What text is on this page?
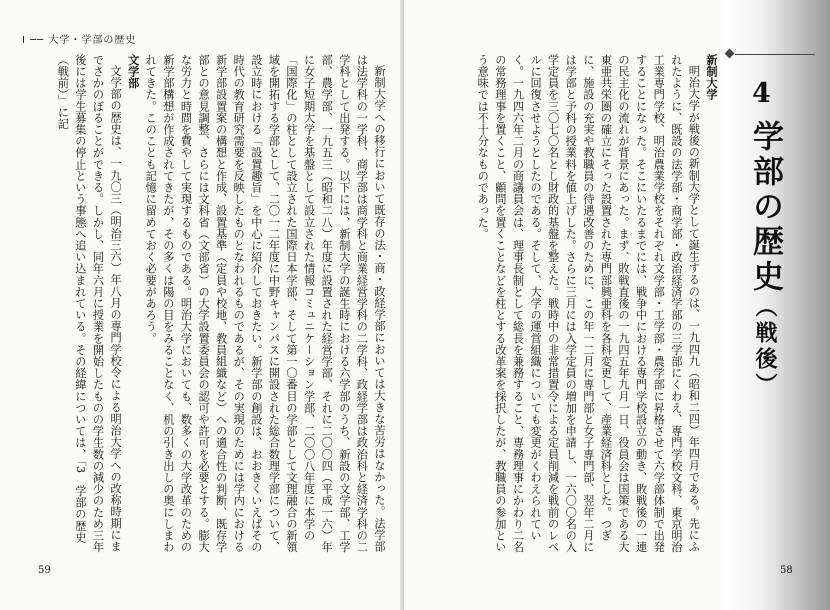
I ── 大学・学部の歴史
新制大学への移行において既存の法・商・政経学部においては大きな苦労はなかった。法学部は法学科の一学科、商学部は商学科と商業経営学科の二学科、政経学部は政治科と経済学科の二学科として出発する。以下には、新制大学の誕生時における六学部のうち、新設の文学部、工学部、農学部、一九五三（昭和二八）年度に設置された経営学部、それに二〇〇四（平成一六）年に女子短期大学を基盤として設立された情報コミュニケーション学部、二〇〇八年度に本学の「国際化」の柱として設立された国際日本学部、そして第一〇番目の学部として文理融合の新領域を開拓する学部として、二〇一二年度に中野キャンパスに開設された総合数理学部について、設立時における「設置趣旨」を中心に紹介しておきたい。新学部の創設は、おおきくいえばその時代の教育研究需要を反映したものとなわれるものであるが、その実現のためには学内における新学部設置案の構想と作成、設置基準（定員や校地、教員組織など）への適合性の判断、既存学部との意見調整、さらには文科省（文部省）の大学設置委員会の認可や許可を必要とする。膨大な労力と時間を費やして実現するものである。明治大学においても、数多くの大学改革のための新学部構想が作成されてきたが、その多くは陽の目をみることなく、机の引き出しの奥にしまわれてきた。このことも記憶に留めておく必要があろう。
文学部
文学部の歴史は、一九〇三（明治三六）年八月の専門学校令による明治大学への改称時期にまでさかのぼることができる。しかし、同年六月に授業を開始したものの学生数の減少のため三年後には学生募集の停止という事態へ追い込まれている。その経緯については、「3　学部の歴史（戦前）」に記
59
4
学部の歴史（戦後）
新制大学
明治大学が戦後の新制大学として誕生するのは、一九四九（昭和二四）年四月である。先にふれたように、既設の法学部・商学部・政治経済学部の三学部にくわえ、専門学校文科、東京明治工業専門学校、明治農業学校をそれぞれ文学部・工学部・農学部に昇格させて六学部体制で出発することになった。そこにいたるまでには、戦争中における専門学校設立の動き、敗戦後の一連の民主化の流れが背景にあった。まず、敗戦直後の一九四五年九月一日、役員会は国策である大東亜共栄圏の確立にそった設置された専門部興亜科を各科変更して、産業経済科とした。つぎに、施設の充実や教職員の待遇改善のために、この年一二月に専門部と女子専門部、翌年二月には学部と予科の授業料を値上げした。さらに三月には入学定員の増加を申請し、一六〇〇名の入学定員を三〇七〇名とし財政的基盤を整えた。戦時中の非常措置令による定員削減を戦前のレベルに回復させようとしたのである。そして、大学の運営組織についても変更がくわえられていく。一九四六年二月の商議員会は、理事長制として総長を兼務すること、専務理事にかわり二名の常務理事を置くこと、顧問を置くことなどを柱とする改革案を採択したが、教職員の参加という意味では不十分なものであった。
58
